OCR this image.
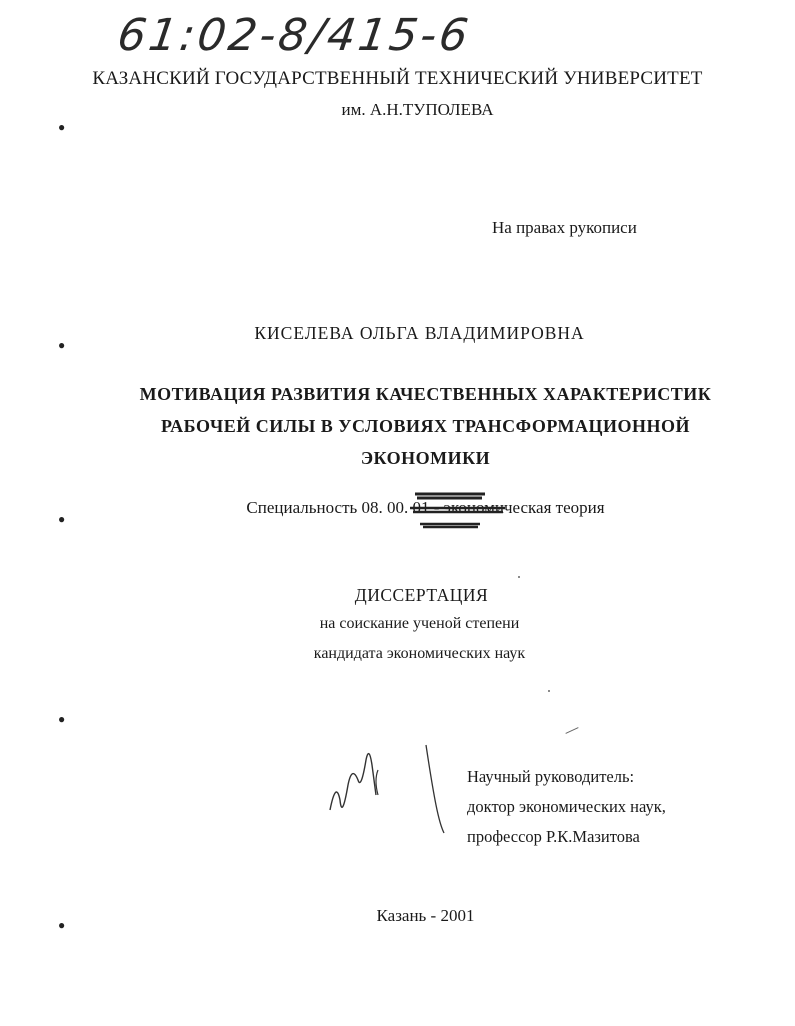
61:02-8/415-6
КАЗАНСКИЙ ГОСУДАРСТВЕННЫЙ ТЕХНИЧЕСКИЙ УНИВЕРСИТЕТ
им. А.Н.ТУПОЛЕВА
На правах рукописи
КИСЕЛЕВА ОЛЬГА ВЛАДИМИРОВНА
МОТИВАЦИЯ РАЗВИТИЯ КАЧЕСТВЕННЫХ ХАРАКТЕРИСТИК
РАБОЧЕЙ СИЛЫ В УСЛОВИЯХ ТРАНСФОРМАЦИОННОЙ
ЭКОНОМИКИ
Специальность 08. 00. 01 - экономическая теория
ДИССЕРТАЦИЯ
на соискание ученой степени
кандидата экономических наук
Научный руководитель:
доктор экономических наук,
профессор Р.К.Мазитова
Казань - 2001
●
●
●
●
●
